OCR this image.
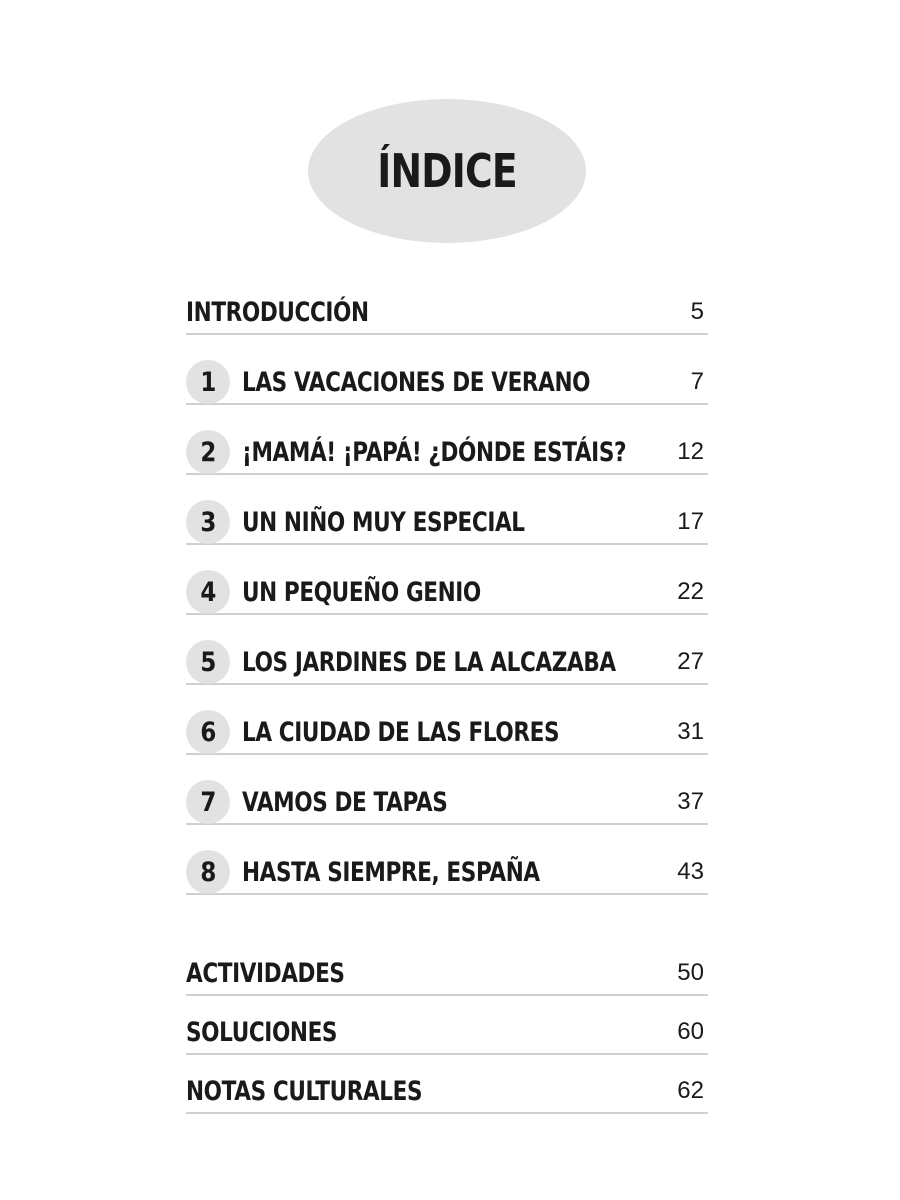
ÍNDICE
INTRODUCCIÓN	5
1 LAS VACACIONES DE VERANO	7
2 ¡MAMÁ! ¡PAPÁ! ¿DÓNDE ESTÁIS? 12
3 UN NIÑO MUY ESPECIAL	17
4 UN PEQUEÑO GENIO	22
5 LOS JARDINES DE LA ALCAZABA	27
6 LA CIUDAD DE LAS FLORES	31
7 VAMOS DE TAPAS	37
8 HASTA SIEMPRE, ESPAÑA	43
ACTIVIDADES	50
SOLUCIONES	60
NOTAS CULTURALES	62
